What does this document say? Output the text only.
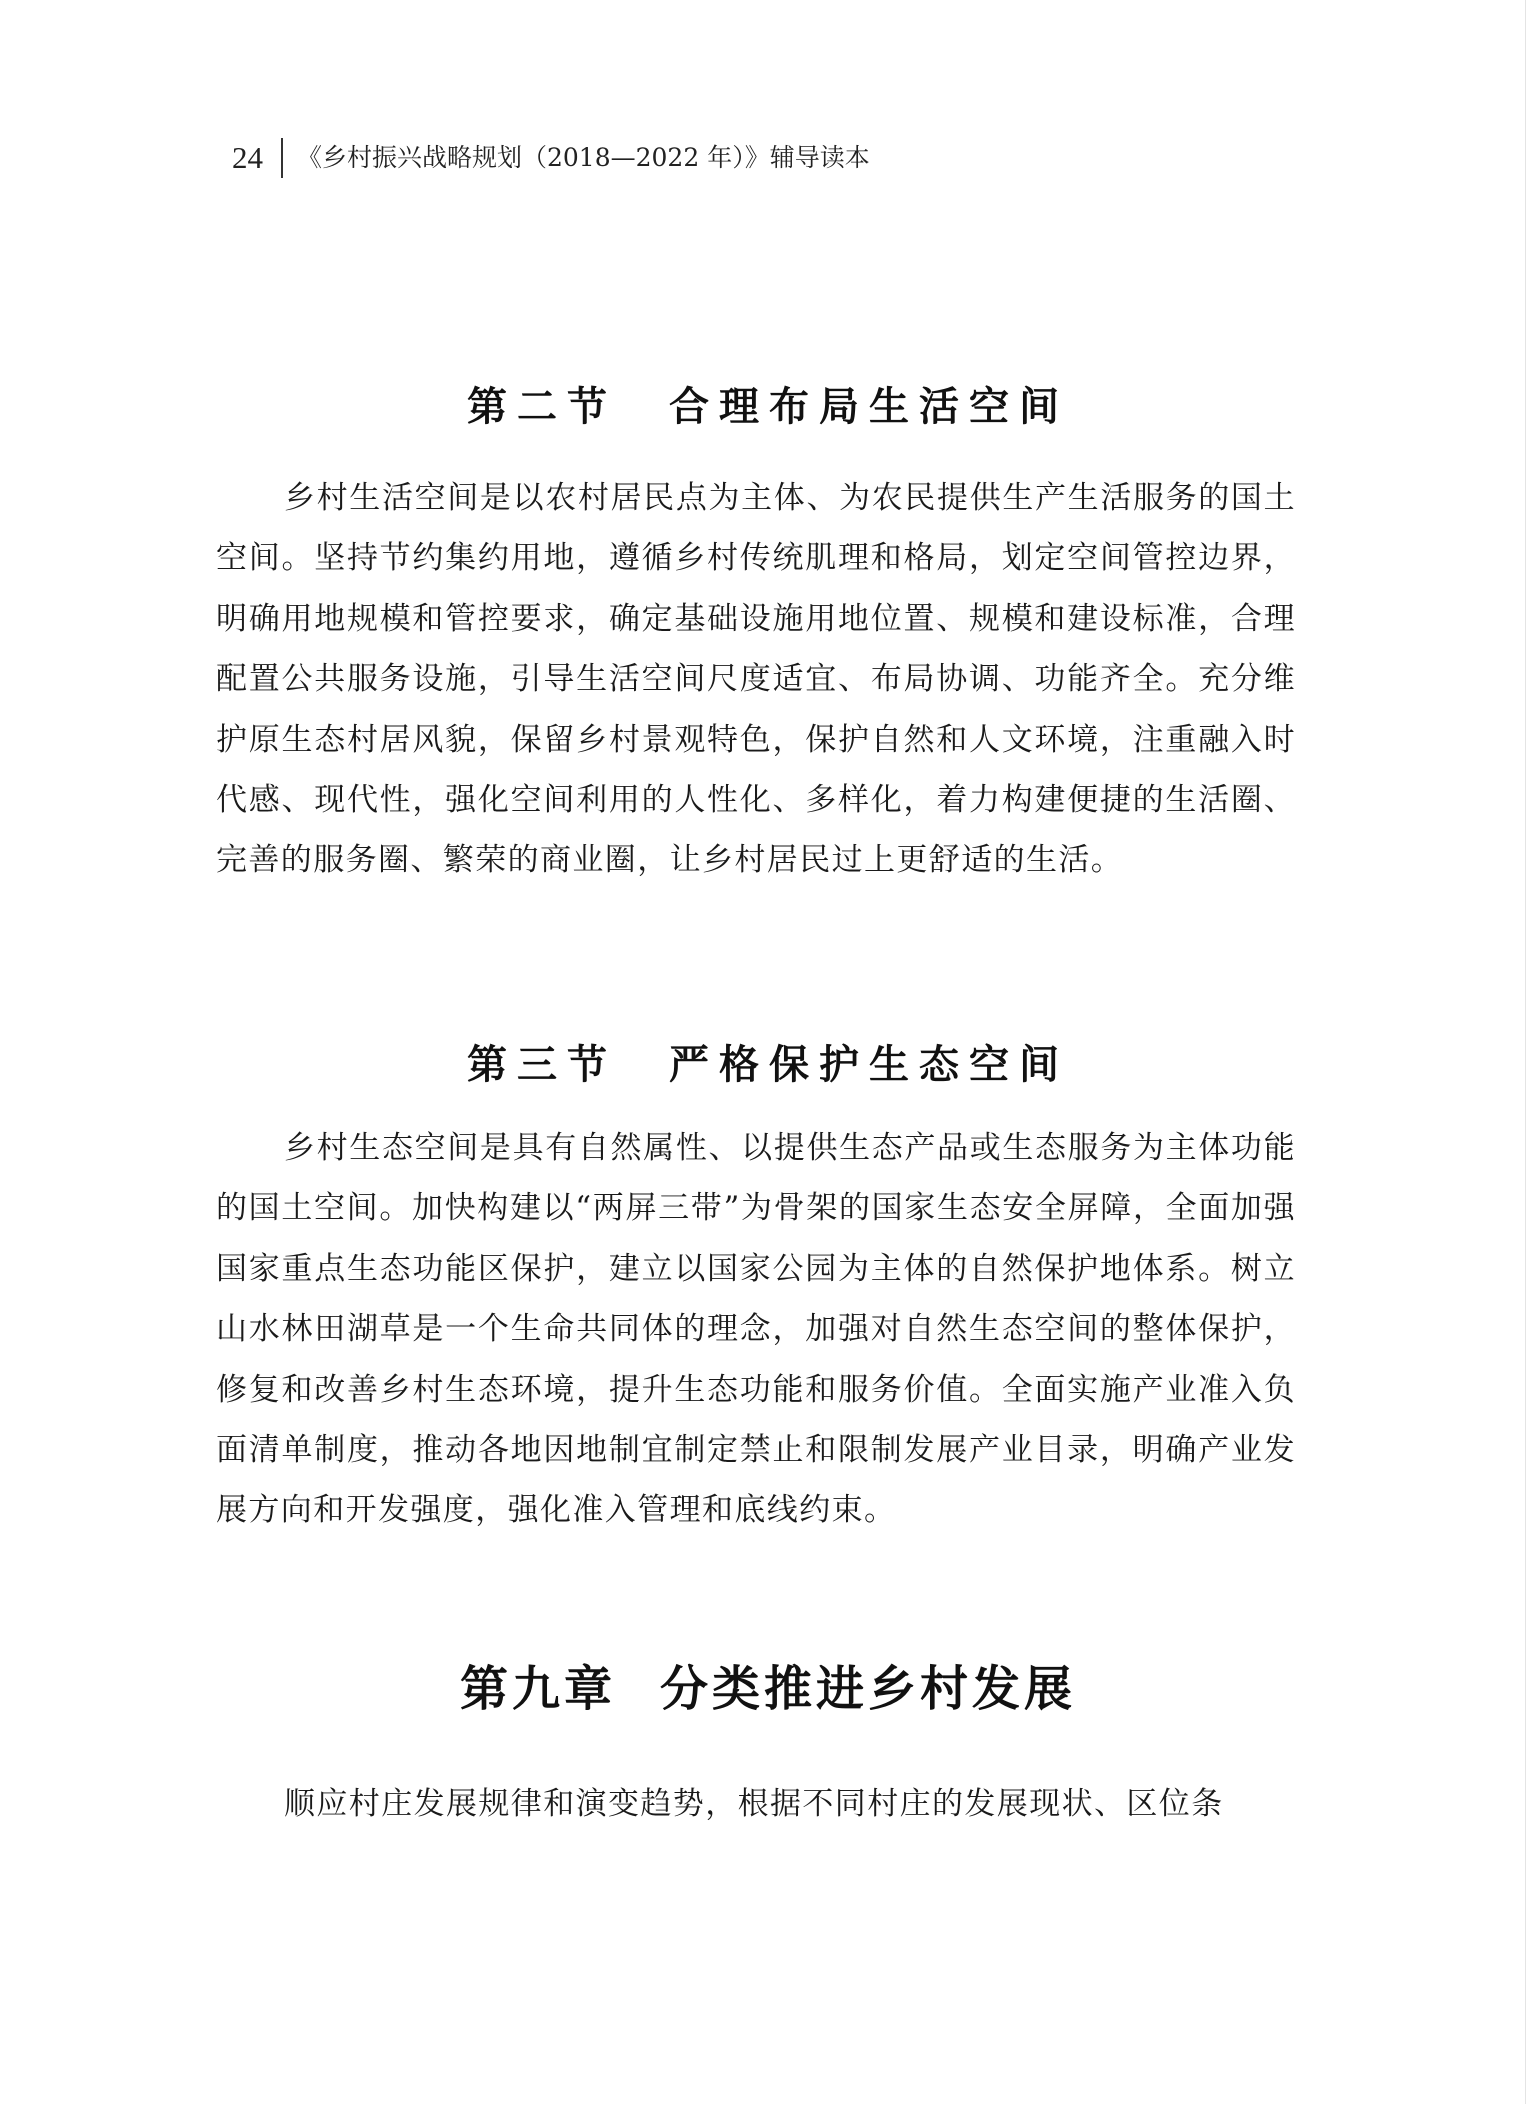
24 《乡村振兴战略规划（2018—2022 年）》辅导读本
第二节 合理布局生活空间

乡村生活空间是以农村居民点为主体、为农民提供生产生活服务的国土空间。坚持节约集约用地，遵循乡村传统肌理和格局，划定空间管控边界，明确用地规模和管控要求，确定基础设施用地位置、规模和建设标准，合理配置公共服务设施，引导生活空间尺度适宜、布局协调、功能齐全。充分维护原生态村居风貌，保留乡村景观特色，保护自然和人文环境，注重融入时代感、现代性，强化空间利用的人性化、多样化，着力构建便捷的生活圈、完善的服务圈、繁荣的商业圈，让乡村居民过上更舒适的生活。

第三节 严格保护生态空间

乡村生态空间是具有自然属性、以提供生态产品或生态服务为主体功能的国土空间。加快构建以“两屏三带”为骨架的国家生态安全屏障，全面加强国家重点生态功能区保护，建立以国家公园为主体的自然保护地体系。树立山水林田湖草是一个生命共同体的理念，加强对自然生态空间的整体保护，修复和改善乡村生态环境，提升生态功能和服务价值。全面实施产业准入负面清单制度，推动各地因地制宜制定禁止和限制发展产业目录，明确产业发展方向和开发强度，强化准入管理和底线约束。

第九章 分类推进乡村发展

顺应村庄发展规律和演变趋势，根据不同村庄的发展现状、区位条
